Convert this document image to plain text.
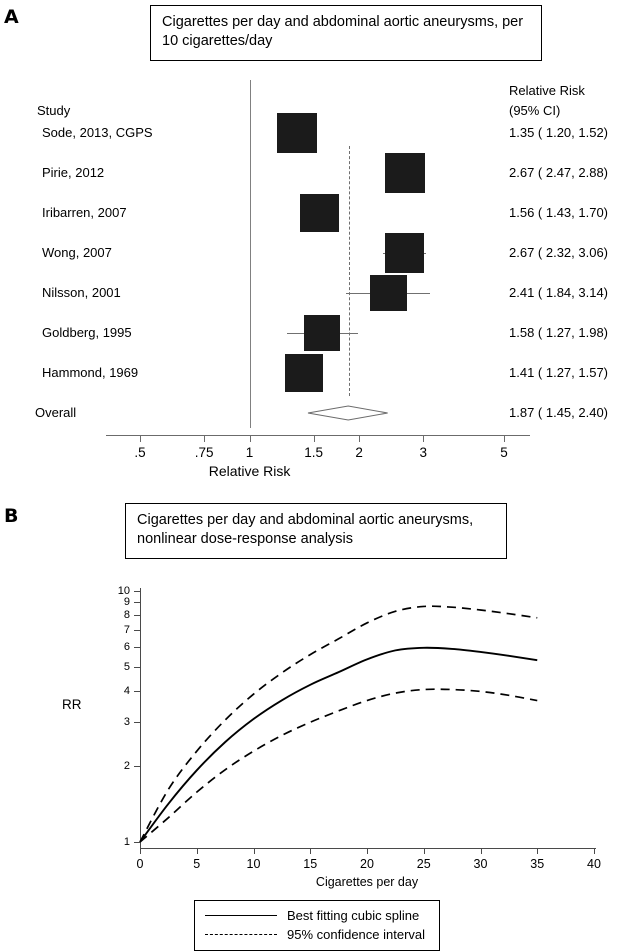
A	Cigarettes per day and abdominal aortic aneurysms, per 10 cigarettes/day
Study
Relative Risk
(95% CI)
Sode, 2013, CGPS	1.35 ( 1.20, 1.52)
Pirie, 2012	2.67 ( 2.47, 2.88)
Iribarren, 2007	1.56 ( 1.43, 1.70)
Wong, 2007	2.67 ( 2.32, 3.06)
Nilsson, 2001	2.41 ( 1.84, 3.14)
Goldberg, 1995	1.58 ( 1.27, 1.98)
Hammond, 1969	1.41 ( 1.27, 1.57)
Overall	1.87 ( 1.45, 2.40)
.5	.75 1	1.5 2	3	5
Relative Risk
B	Cigarettes per day and abdominal aortic aneurysms, nonlinear dose-response analysis
RR
1
2
3
4
5
6
7
8
9
10
0	5	10	15	20	25	30	35	40
Cigarettes per day
Best fitting cubic spline
95% confidence interval
